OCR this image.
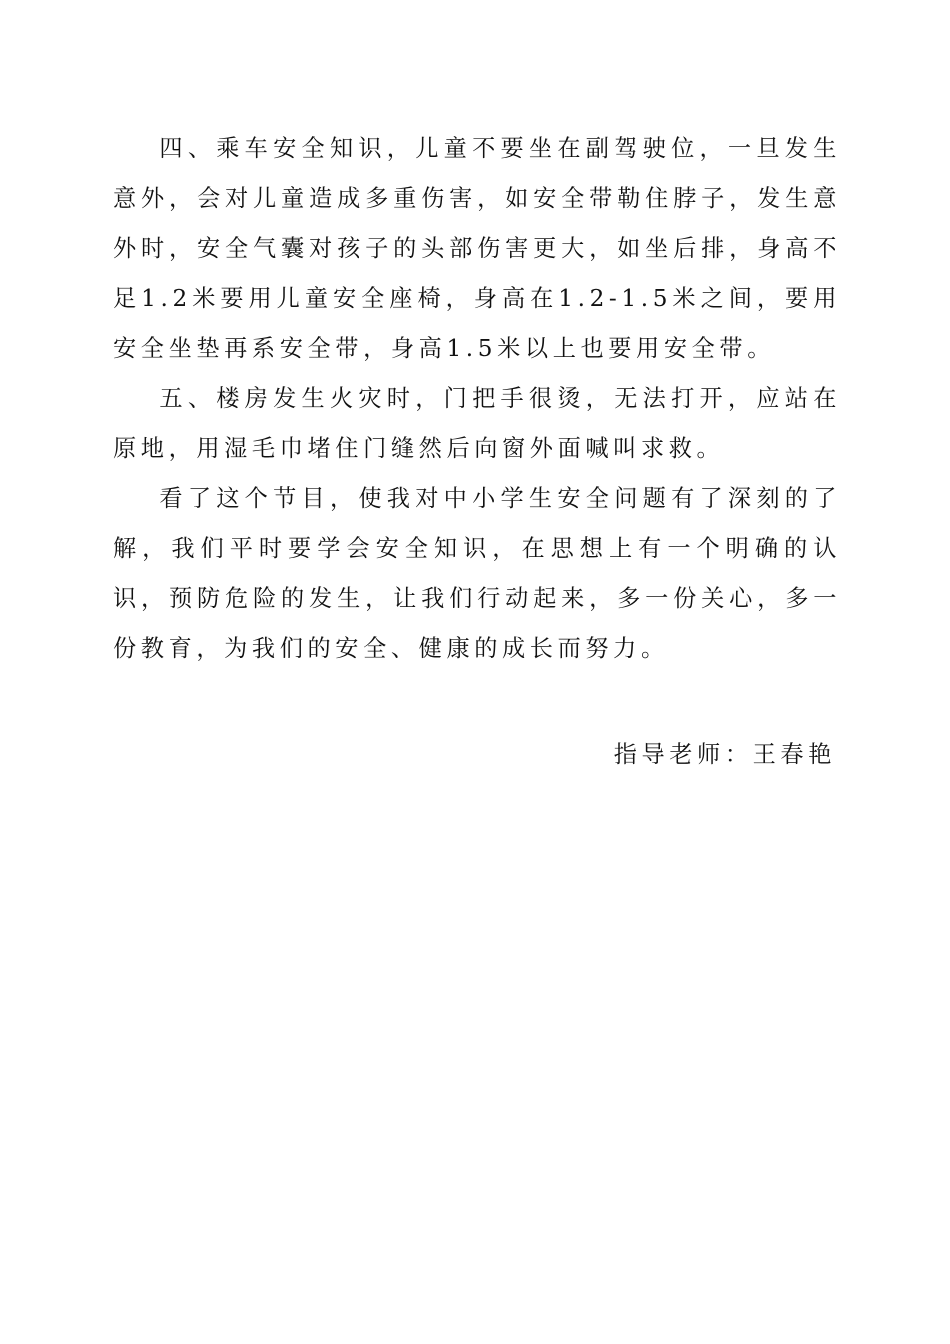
四、乘车安全知识，儿童不要坐在副驾驶位，一旦发生意外，会对儿童造成多重伤害，如安全带勒住脖子，发生意外时，安全气囊对孩子的头部伤害更大，如坐后排，身高不足1.2米要用儿童安全座椅，身高在1.2-1.5米之间，要用安全坐垫再系安全带，身高1.5米以上也要用安全带。

五、楼房发生火灾时，门把手很烫，无法打开，应站在原地，用湿毛巾堵住门缝然后向窗外面喊叫求救。

看了这个节目，使我对中小学生安全问题有了深刻的了解，我们平时要学会安全知识，在思想上有一个明确的认识，预防危险的发生，让我们行动起来，多一份关心，多一份教育，为我们的安全、健康的成长而努力。

指导老师：王春艳
